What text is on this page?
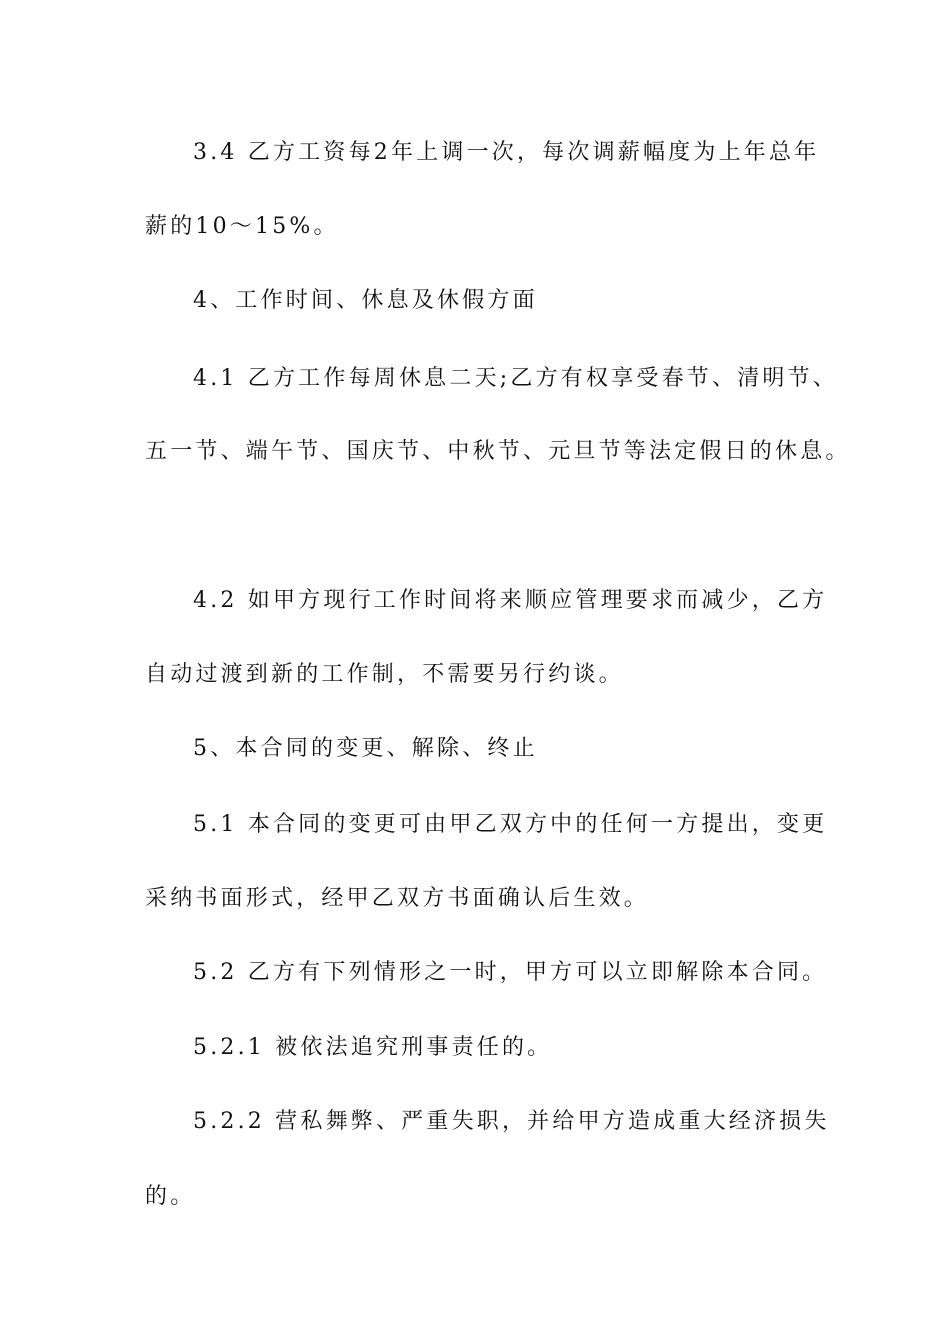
3.4 乙方工资每2年上调一次，每次调薪幅度为上年总年
薪的10～15%。
4、工作时间、休息及休假方面
4.1 乙方工作每周休息二天;乙方有权享受春节、清明节、
五一节、端午节、国庆节、中秋节、元旦节等法定假日的休息。
4.2 如甲方现行工作时间将来顺应管理要求而减少，乙方
自动过渡到新的工作制，不需要另行约谈。
5、本合同的变更、解除、终止
5.1 本合同的变更可由甲乙双方中的任何一方提出，变更
采纳书面形式，经甲乙双方书面确认后生效。
5.2 乙方有下列情形之一时，甲方可以立即解除本合同。
5.2.1 被依法追究刑事责任的。
5.2.2 营私舞弊、严重失职，并给甲方造成重大经济损失
的。
